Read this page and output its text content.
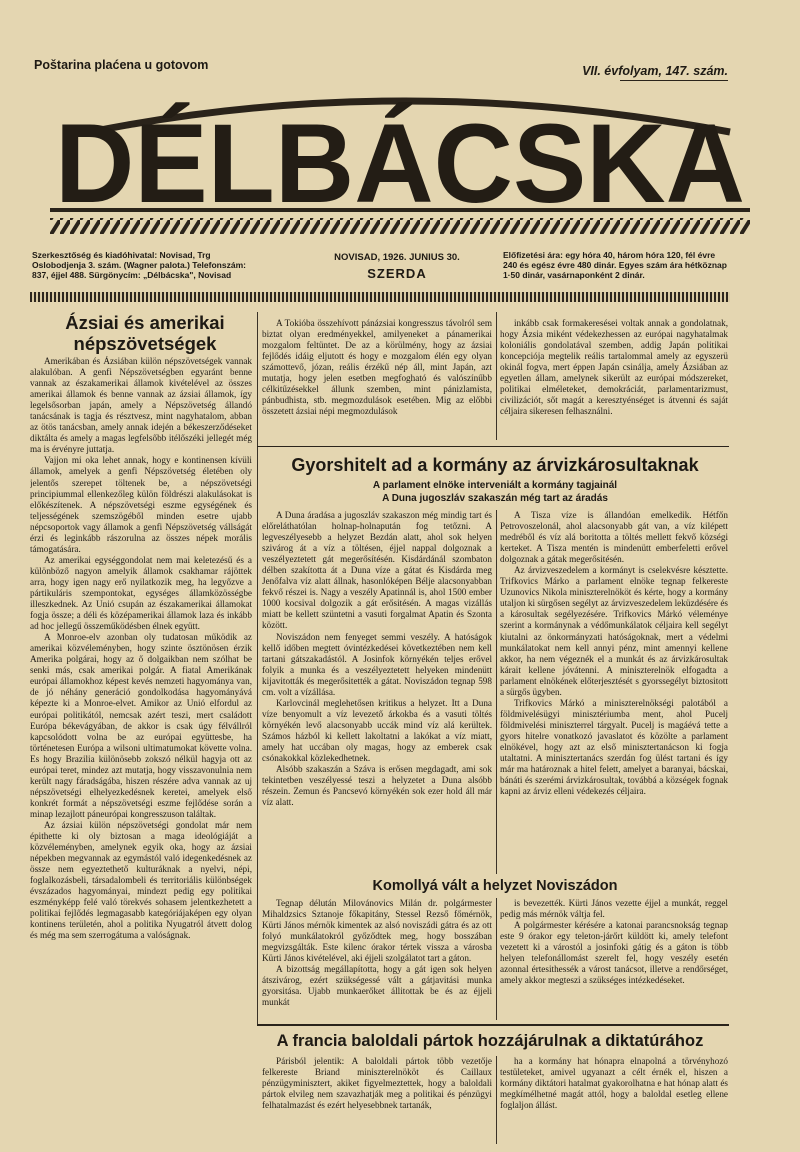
Poštarina plaćena u gotovom	VII. évfolyam, 147. szám.
DÉLBÁCSKA
Szerkesztőség és kiadóhivatal: Novisad, Trg Oslobodjenja 3. szám. (Wagner palota.) Telefonszám: 837, éjjel 488. Sürgönycím: „Délbácska", Novisad
NOVISAD, 1926. JUNIUS 30.
SZERDA
Előfizetési ára: egy hóra 40, három hóra 120, fél évre 240 és egész évre 480 dinár. Egyes szám ára hétköznap 1·50 dinár, vasárnaponként 2 dinár.
Ázsiai és amerikai népszövetségek

Amerikában és Ázsiában külön népszövetségek vannak alakulóban. A genfi Népszövetségben egyaránt benne vannak az északamerikai államok kivételével az összes amerikai államok és benne vannak az ázsiai államok, így legelsősorban japán, amely a Népszövetség állandó tanácsának is tagja és résztvesz, mint nagyhatalom, abban az ötös tanácsban, amely annak idején a békeszerződéseket diktálta és amely a magas legfelsőbb itélőszéki jellegét még ma is érvényre juttatja.

Vajjon mi oka lehet annak, hogy e kontinensen kívüli államok, amelyek a genfi Népszövetség életében oly jelentős szerepet töltenek be, a népszövetségi principiummal ellenkezőleg külön földrészi alakulásokat is előkészítenek. A népszövetségi eszme egységének és teljességének szemszögéből minden esetre ujabb népcsoportok vagy államok a genfi Népszövetség vállságát érzi és leginkább rászorulna az összes népek morális támogatására.

Az amerikai egységgondolat nem mai keletezésű és a különböző nagyon amelyik államok csakhamar rájöttek arra, hogy igen nagy erő nyilatkozik meg, ha legyőzve a pártikuláris szempontokat, egységes államközösségbe illeszkednek. Az Unió csupán az északamerikai államokat fogja össze; a déli és középamerikai államok laza és inkább ad hoc jellegű összeműködésben élnek együtt.

A Monroe-elv azonban oly tudatosan működik az amerikai közvéleményben, hogy szinte ösztönösen érzik Amerika polgárai, hogy az ő dolgaikban nem szólhat be senki más, csak amerikai polgár. A fiatal Amerikának európai államokhoz képest kevés nemzeti hagyománya van, de jó néhány generáció gondolkodása hagyományává képezte ki a Monroe-elvet. Amikor az Unió elfordul az európai politikától, nemcsak azért teszi, mert családott Európa békevágyában, de akkor is csak úgy félvállról kapcsolódott volna be az európai együttesbe, ha történetesen Európa a wilsoni ultimatumokat követte volna. Es hogy Brazilia különösebb zokszó nélkül hagyja ott az európai teret, mindez azt mutatja, hogy visszavonulnia nem került nagy fáradságába, hiszen részére adva vannak az uj népszövetségi elhelyezkedésnek keretei, amelyek első konkrét formát a népszövetségi eszme fejlődése során a minap lezajlott páneurópai kongresszuson találtak.

Az ázsiai külön népszövetségi gondolat már nem épithette ki oly biztosan a maga ideológiáját a közvéleményben, amelynek egyik oka, hogy az ázsiai népekben megvannak az egymástól való idegenkedésnek az össze nem egyeztethető kulturáknak a nyelvi, népi, foglalkozásbeli, társadalombeli és territoriális különbségek évszázados hagyományai, mindezt pedig egy politikai eszményképp felé való törekvés sohasem jelentkezhetett a politikai fejlődés legmagasabb kategóriájaképen egy olyan kontinens területén, ahol a politika Nyugatról átvett dolog és még ma sem szerrogátuma a valóságnak.

A Tokióba összehívott pánázsiai kongresszus távolról sem biztat olyan eredményekkel, amilyeneket a pánamerikai mozgalom feltüntet. De az a körülmény, hogy az ázsiai fejlődés idáig eljutott és hogy e mozgalom élén egy olyan számottevő, józan, reális érzékű nép áll, mint Japán, azt mutatja, hogy jelen esetben megfogható és valószínűbb célkitűzésekkel állunk szemben, mint pánizlamista, pánbudhista, stb. megmozdulások esetében. Mig az előbbi összetett ázsiai népi megmozdulások

inkább csak formakeresései voltak annak a gondolatnak, hogy Ázsia miként védekezhessen az európai nagyhatalmak koloniális gondolatával szemben, addig Japán politikai koncepciója megtelik reális tartalommal amely az egyszerü okinál fogva, mert éppen Japán csinálja, amely Ázsiában az egyetlen állam, amelynek sikerült az európai módszereket, politikai elméleteket, demokráciát, parlamentarizmust, civilizációt, sőt magát a keresztyénséget is átvenni és saját céljaira sikeresen felhasználni.

Gyorshitelt ad a kormány az árvizkárosultaknak
A parlament elnöke interveniált a kormány tagjainál
A Duna jugoszláv szakaszán még tart az áradás

A Duna áradása a jugoszláv szakaszon még mindig tart és előreláthatólan holnap-holnapután fog tetőzni. A legveszélyesebb a helyzet Bezdán alatt, ahol sok helyen szivárog át a víz a töltésen, éjjel nappal dolgoznak a veszélyeztetett gát megerősítésén. Kisdárdánál szombaton délben szakította át a Duna víze a gátat és Kisdárda meg Jenőfalva víz alatt állnak, hasonlóképen Bélje alacsonyabban fekvő részei is. Nagy a veszély Apatinnál is, ahol 1500 ember 1000 kocsival dolgozik a gát erősitésén. A magas vizállás miatt be kellett szüntetni a vasuti forgalmat Apatin és Szonta között.

Noviszádon nem fenyeget semmi veszély. A hatóságok kellő időben megtett óvintézkedései következtében nem kell tartani gátszakadástól. A Josinfok környékén teljes erővel folyik a munka és a veszélyeztetett helyeken mindenütt kijavitották és megerősitették a gátat. Noviszádon tegnap 598 cm. volt a vízállása.

Karlovcinál meglehetősen kritikus a helyzet. Itt a Duna víze benyomult a víz levezető árkokba és a vasuti töltés környékén levő alacsonyabb uccák mind víz alá kerültek. Számos házból ki kellett lakoltatni a lakókat a víz miatt, amely hat uccában oly magas, hogy az emberek csak csónakokkal közlekedhetnek.

Alsóbb szakaszán a Száva is erősen megdagadt, ami sok tekintetben veszélyessé teszi a helyzetet a Duna alsóbb részein. Zemun és Pancsevó környékén sok ezer hold áll már víz alatt.

A Tisza víze is állandóan emelkedik. Hétfőn Petrovoszelonál, ahol alacsonyabb gát van, a víz kilépett medréből és víz alá boritotta a töltés mellett fekvő községi kerteket. A Tisza mentén is mindenütt emberfeletti erővel dolgoznak a gátak megerősitésén.

Az árvizveszedelem a kormányt is cselekvésre késztette. Trifkovics Márko a parlament elnöke tegnap felkereste Uzunovics Nikola miniszterelnököt és kérte, hogy a kormány utaljon ki sürgősen segélyt az árvizveszedelem leküzdésére és a károsultak segélyezésére. Trifkovics Márkó véleménye szerint a kormánynak a védőmunkálatok céljaira kell segélyt kiutalni az önkormányzati hatóságoknak, mert a védelmi munkálatokat nem kell annyi pénz, mint amennyi kellene akkor, ha nem végeznék el a munkát és az árvizkárosultak kárait kellene jóvátenni. A miniszterelnök elfogadta a parlament elnökének előterjesztését s gyorssegélyt biztositott a sürgős ügyben.

Trifkovics Márkó a miniszterelnökségi palotából a földmivelésügyi minisztériumba ment, ahol Pucelj földmivelési miniszterrel tárgyalt. Pucelj is magáévá tette a gyors hitelre vonatkozó javaslatot és közölte a parlament elnökével, hogy azt az első minisztertanácson ki fogja utaltatni. A minisztertanács szerdán fog ülést tartani és így már ma határoznak a hitel felett, amelyet a baranyai, bácskai, bánáti és szerémi árvizkárosultak, továbbá a községek fognak kapni az árviz elleni védekezés céljaira.

Komollyá vált a helyzet Noviszádon

Tegnap délután Milovánovics Milán dr. polgármester Mihaldzsics Sztanoje főkapitány, Stessel Rezső főmérnök, Kürti János mérnök kimentek az alsó noviszádi gátra és az ott folyó munkálatokról győződtek meg, hogy bosszában megvizsgálták. Este kilenc órakor tértek vissza a városba Kürti János kivételével, aki éjjeli szolgálatot tart a gáton.

A bizottság megállapította, hogy a gát igen sok helyen átszivárog, ezért szükségessé vált a gátjavitási munka gyorsitása. Ujabb munkaerőket állitottak be és az éjjeli munkát

is bevezették. Kürti János vezette éjjel a munkát, reggel pedig más mérnök váltja fel.

A polgármester kérésére a katonai parancsnokság tegnap este 9 órakor egy teleton-járőrt küldött ki, amely telefont vezetett ki a várostól a josinfoki gátig és a gáton is több helyen telefonállomást szerelt fel, hogy veszély esetén azonnal értesithessék a várost tanácsot, illetve a rendőrséget, amely akkor megteszi a szükséges intézkedéseket.

A francia baloldali pártok hozzájárulnak a diktatúrához

Párisból jelentik: A baloldali pártok több vezetője felkereste Briand miniszterelnököt és Caillaux pénzügyminisztert, akiket figyelmeztettek, hogy a baloldali pártok elvileg nem szavazhatják meg a politikai és pénzügyi felhatalmazást és ezért helyesebbnek tartanák,

ha a kormány hat hónapra elnapolná a törvényhozó testületeket, amivel ugyanazt a célt érnék el, hiszen a kormány diktátori hatalmat gyakorolhatna e hat hónap alatt és megkímélhetné magát attól, hogy a baloldal esetleg ellene foglaljon állást.
